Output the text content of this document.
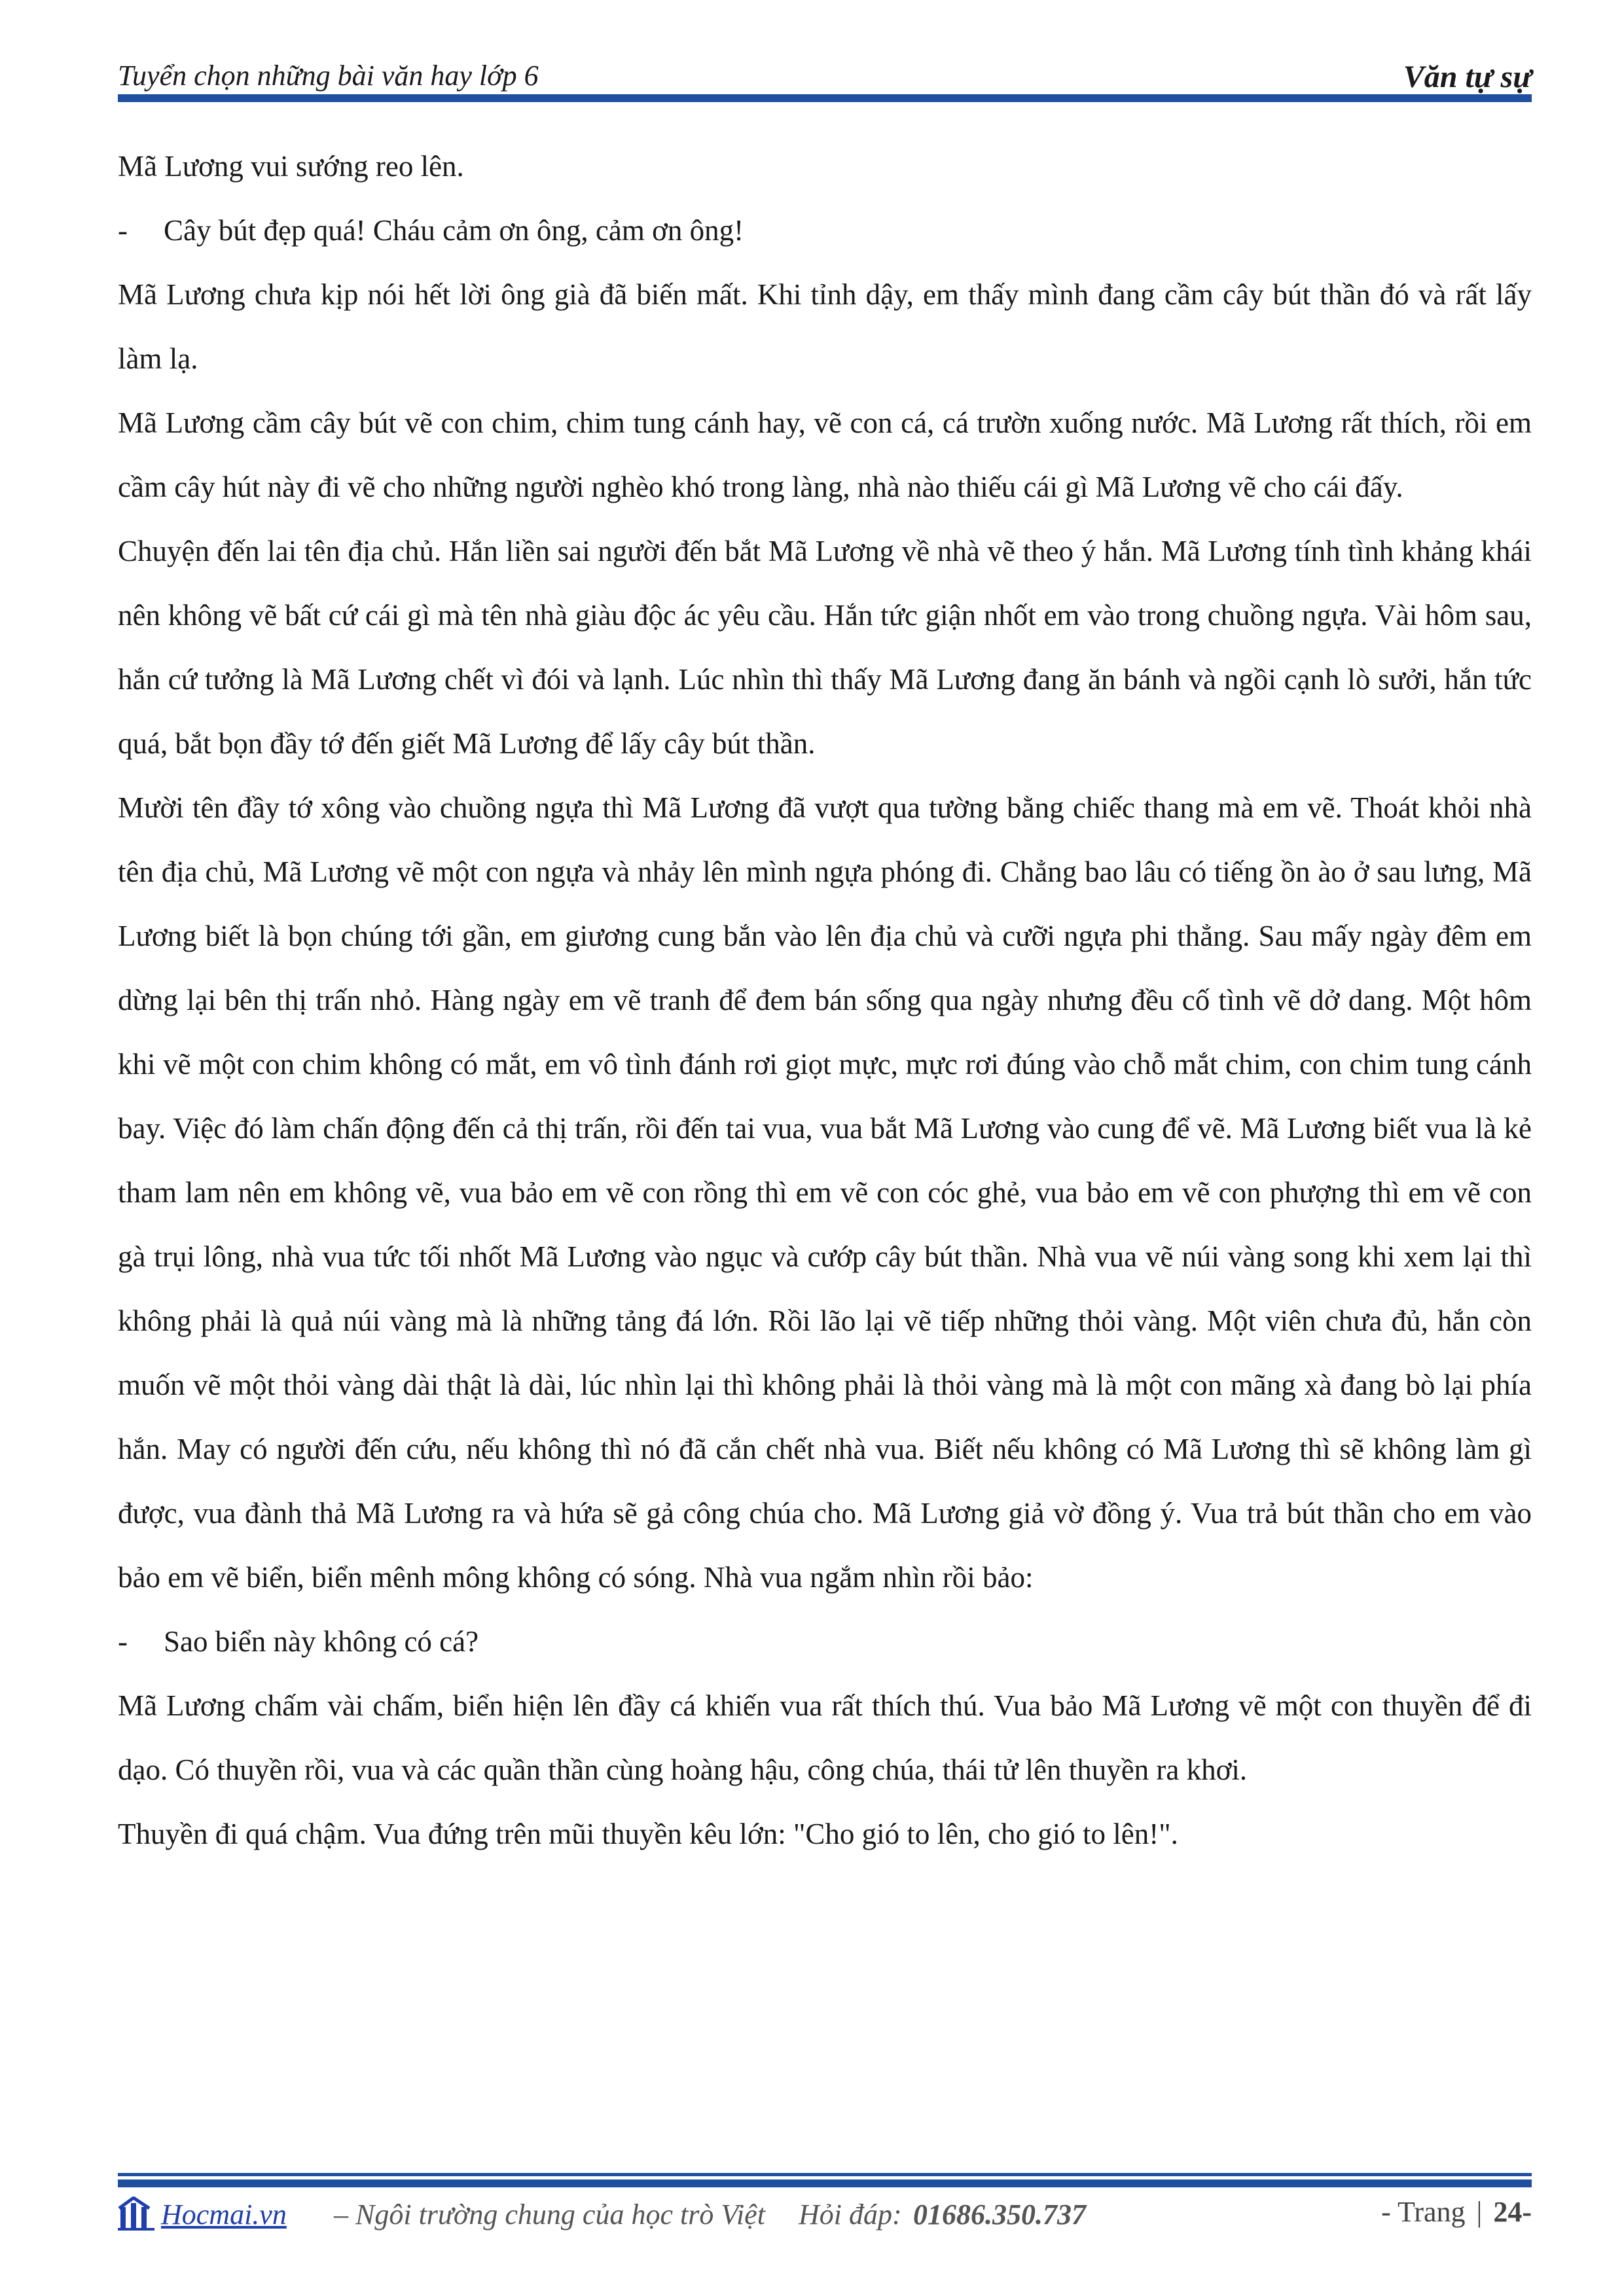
Tuyển chọn những bài văn hay lớp 6	Văn tự sự

Mã Lương vui sướng reo lên.

- Cây bút đẹp quá! Cháu cảm ơn ông, cảm ơn ông!

Mã Lương chưa kịp nói hết lời ông già đã biến mất. Khi tỉnh dậy, em thấy mình đang cầm cây bút thần đó và rất lấy làm lạ.

Mã Lương cầm cây bút vẽ con chim, chim tung cánh hay, vẽ con cá, cá trườn xuống nước. Mã Lương rất thích, rồi em cầm cây hút này đi vẽ cho những người nghèo khó trong làng, nhà nào thiếu cái gì Mã Lương vẽ cho cái đấy.

Chuyện đến lai tên địa chủ. Hắn liền sai người đến bắt Mã Lương về nhà vẽ theo ý hắn. Mã Lương tính tình khảng khái nên không vẽ bất cứ cái gì mà tên nhà giàu độc ác yêu cầu. Hắn tức giận nhốt em vào trong chuồng ngựa. Vài hôm sau, hắn cứ tưởng là Mã Lương chết vì đói và lạnh. Lúc nhìn thì thấy Mã Lương đang ăn bánh và ngồi cạnh lò sưởi, hắn tức quá, bắt bọn đầy tớ đến giết Mã Lương để lấy cây bút thần.

Mười tên đầy tớ xông vào chuồng ngựa thì Mã Lương đã vượt qua tường bằng chiếc thang mà em vẽ. Thoát khỏi nhà tên địa chủ, Mã Lương vẽ một con ngựa và nhảy lên mình ngựa phóng đi. Chẳng bao lâu có tiếng ồn ào ở sau lưng, Mã Lương biết là bọn chúng tới gần, em giương cung bắn vào lên địa chủ và cưỡi ngựa phi thẳng. Sau mấy ngày đêm em dừng lại bên thị trấn nhỏ. Hàng ngày em vẽ tranh để đem bán sống qua ngày nhưng đều cố tình vẽ dở dang. Một hôm khi vẽ một con chim không có mắt, em vô tình đánh rơi giọt mực, mực rơi đúng vào chỗ mắt chim, con chim tung cánh bay. Việc đó làm chấn động đến cả thị trấn, rồi đến tai vua, vua bắt Mã Lương vào cung để vẽ. Mã Lương biết vua là kẻ tham lam nên em không vẽ, vua bảo em vẽ con rồng thì em vẽ con cóc ghẻ, vua bảo em vẽ con phượng thì em vẽ con gà trụi lông, nhà vua tức tối nhốt Mã Lương vào ngục và cướp cây bút thần. Nhà vua vẽ núi vàng song khi xem lại thì không phải là quả núi vàng mà là những tảng đá lớn. Rồi lão lại vẽ tiếp những thỏi vàng. Một viên chưa đủ, hắn còn muốn vẽ một thỏi vàng dài thật là dài, lúc nhìn lại thì không phải là thỏi vàng mà là một con mãng xà đang bò lại phía hắn. May có người đến cứu, nếu không thì nó đã cắn chết nhà vua. Biết nếu không có Mã Lương thì sẽ không làm gì được, vua đành thả Mã Lương ra và hứa sẽ gả công chúa cho. Mã Lương giả vờ đồng ý. Vua trả bút thần cho em vào bảo em vẽ biển, biển mênh mông không có sóng. Nhà vua ngắm nhìn rồi bảo:

- Sao biển này không có cá?

Mã Lương chấm vài chấm, biển hiện lên đầy cá khiến vua rất thích thú. Vua bảo Mã Lương vẽ một con thuyền để đi dạo. Có thuyền rồi, vua và các quần thần cùng hoàng hậu, công chúa, thái tử lên thuyền ra khơi.

Thuyền đi quá chậm. Vua đứng trên mũi thuyền kêu lớn: "Cho gió to lên, cho gió to lên!".

Hocmai.vn – Ngôi trường chung của học trò Việt Hỏi đáp: 01686.350.737	- Trang | 24-
